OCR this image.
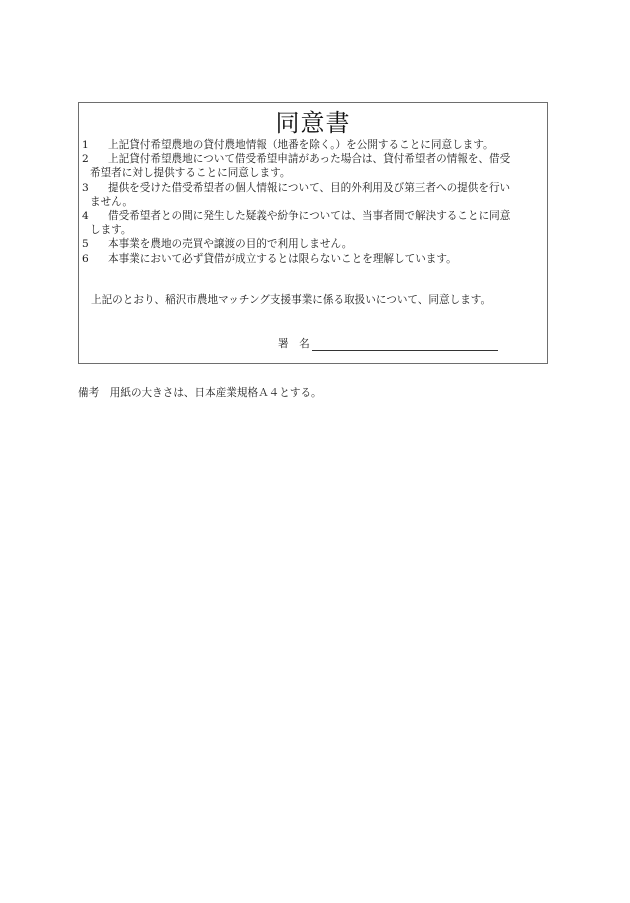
同意書
1	上記貸付希望農地の貸付農地情報（地番を除く。）を公開することに同意します。
2	上記貸付希望農地について借受希望申請があった場合は、貸付希望者の情報を、借受
希望者に対し提供することに同意します。
3	提供を受けた借受希望者の個人情報について、目的外利用及び第三者への提供を行い
ません。
4	借受希望者との間に発生した疑義や紛争については、当事者間で解決することに同意
します。
5	本事業を農地の売買や譲渡の目的で利用しません。
6	本事業において必ず貸借が成立するとは限らないことを理解しています。
上記のとおり、稲沢市農地マッチング支援事業に係る取扱いについて、同意します。
署　名
備考　用紙の大きさは、日本産業規格Ａ４とする。
